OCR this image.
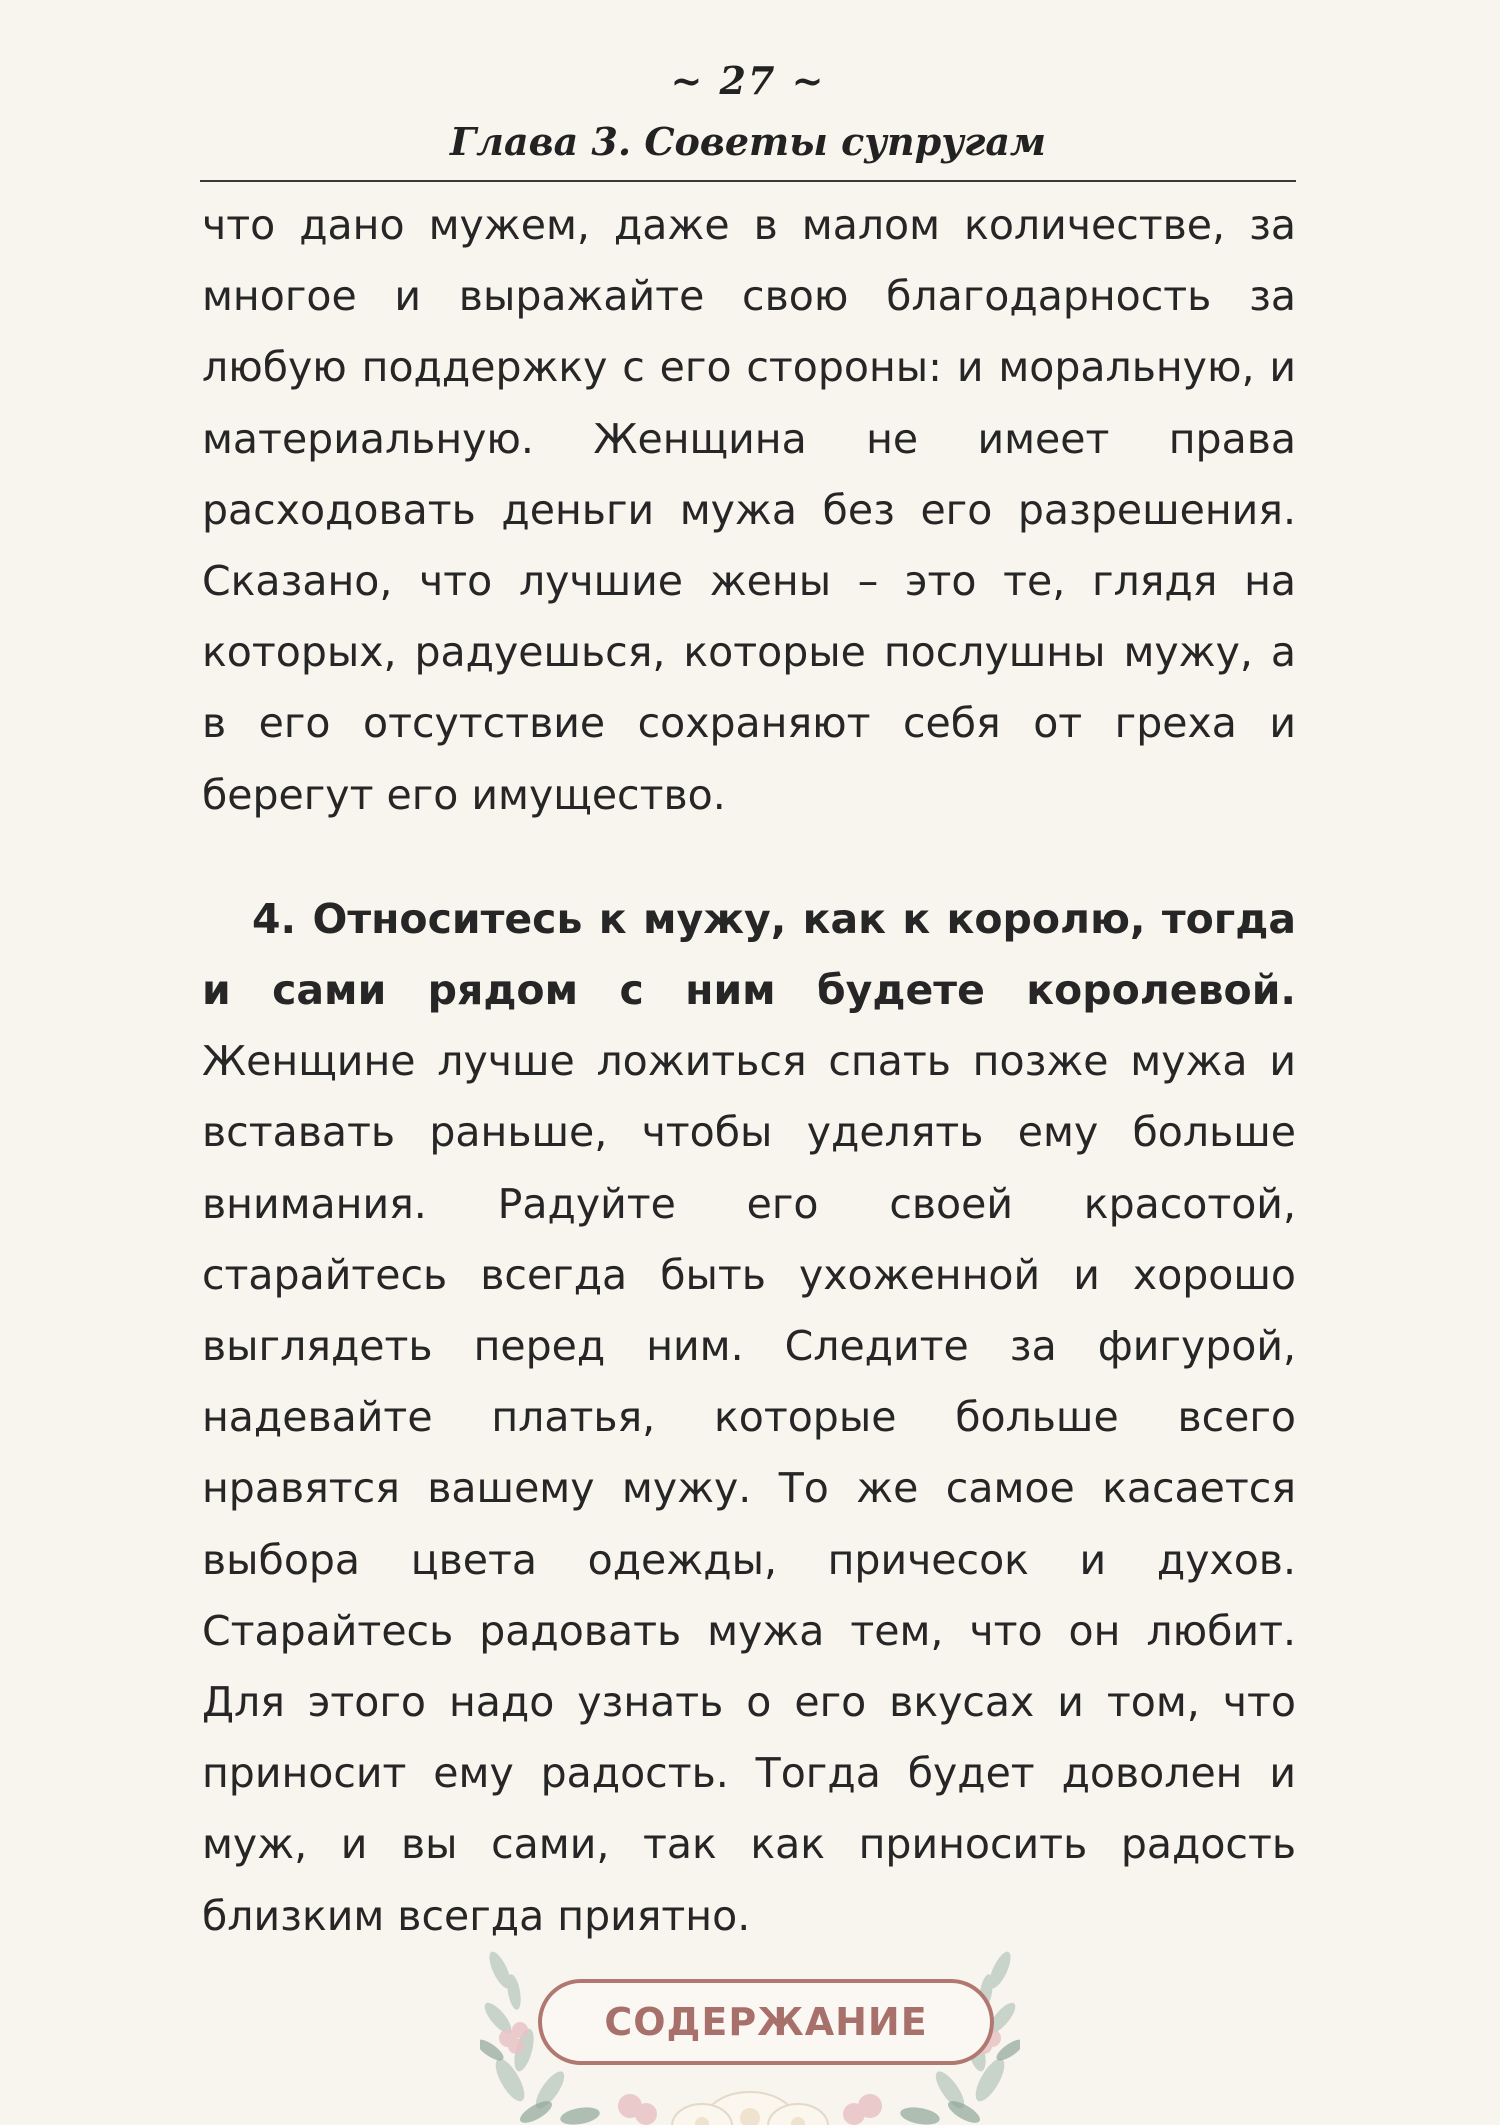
~ 27 ~
Глава 3. Советы супругам

что дано мужем, даже в малом количестве, за многое и выражайте свою благодарность за любую поддержку с его стороны: и моральную, и материальную. Женщина не имеет права расходовать деньги мужа без его разрешения. Сказано, что лучшие жены – это те, глядя на которых, радуешься, которые послушны мужу, а в его отсутствие сохраняют себя от греха и берегут его имущество.

4. Относитесь к мужу, как к королю, тогда и сами рядом с ним будете королевой. Женщине лучше ложиться спать позже мужа и вставать раньше, чтобы уделять ему больше внимания. Радуйте его своей красотой, старайтесь всегда быть ухоженной и хорошо выглядеть перед ним. Следите за фигурой, надевайте платья, которые больше всего нравятся вашему мужу. То же самое касается выбора цвета одежды, причесок и духов. Старайтесь радовать мужа тем, что он любит. Для этого надо узнать о его вкусах и том, что приносит ему радость. Тогда будет доволен и муж, и вы сами, так как приносить радость близким всегда приятно.

СОДЕРЖАНИЕ
